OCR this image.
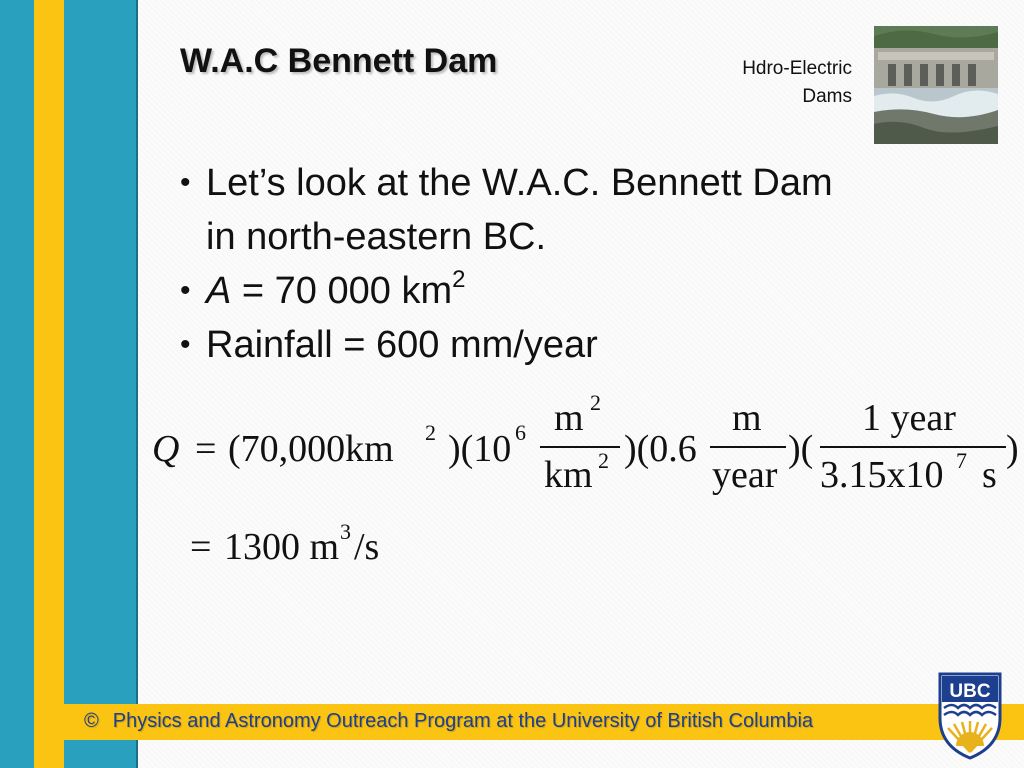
W.A.C Bennett Dam	Hdro-Electric
Dams
• Let’s look at the W.A.C. Bennett Dam
in north-eastern BC.
• A = 70 000 $km^2$
• Rainfall = 600 mm/year
Q = (70,000km 2 )(10 6 m 2
km 2 )(0.6
m
year
)(
1 year
3.15x10 7 s
)
= 1300 m 3 /s
© Physics and Astronomy Outreach Program at the University of British Columbia
UBC
